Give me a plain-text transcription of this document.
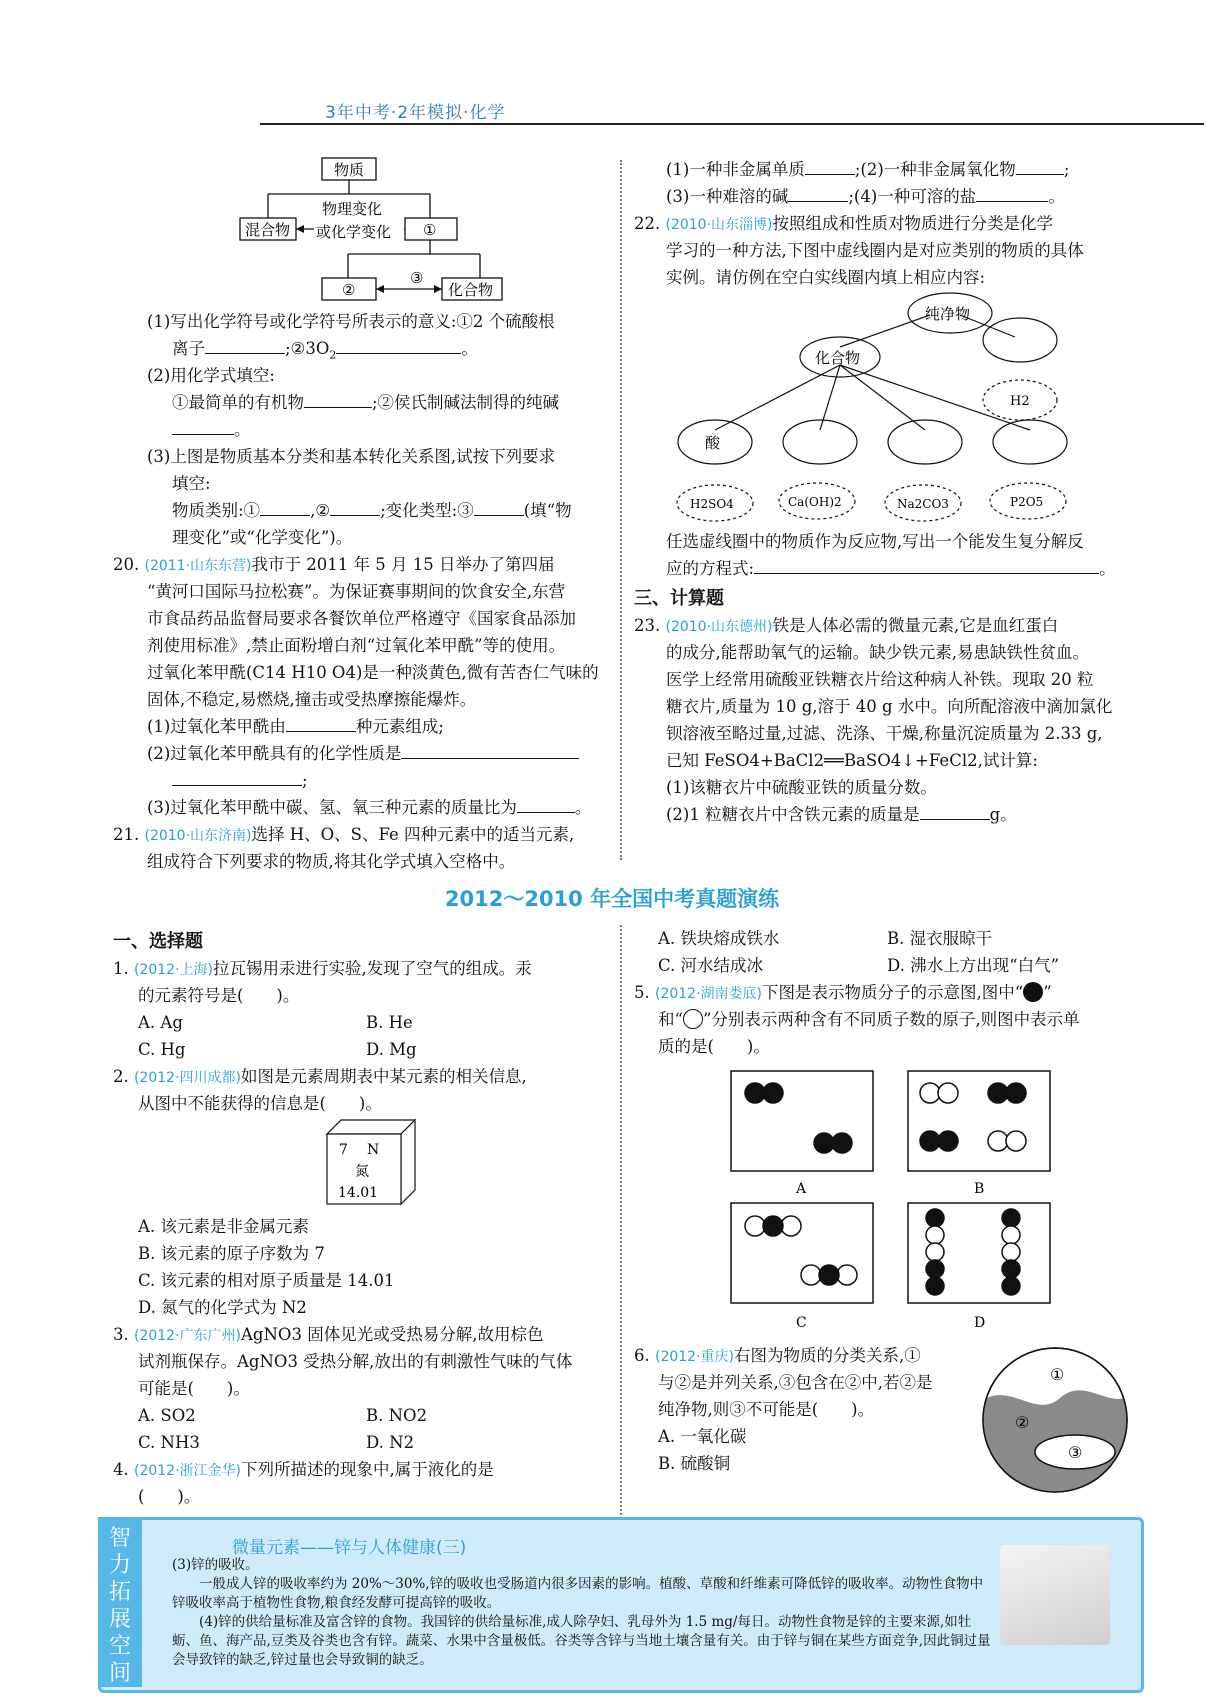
3年中考·2年模拟·化学
物质
混合物
物理变化
或化学变化 ①
②
③
化合物
(1)写出化学符号或化学符号所表示的意义:①2 个硫酸根
离子	$;②3O_2$	。
(2)用化学式填空:
①最简单的有机物	;②侯氏制碱法制得的纯碱
。
(3)上图是物质基本分类和基本转化关系图,试按下列要求
填空:
物质类别:①	,②	;变化类型:③	(填“物
理变化”或“化学变化”)。
20. (2011·山东东营)我市于 2011 年 5 月 15 日举办了第四届
“黄河口国际马拉松赛”。为保证赛事期间的饮食安全,东营
市食品药品监督局要求各餐饮单位严格遵守《国家食品添加
剂使用标准》,禁止面粉增白剂“过氧化苯甲酰”等的使用。
过氧化苯甲酰(C14 H10 O4)是一种淡黄色,微有苦杏仁气味的
固体,不稳定,易燃烧,撞击或受热摩擦能爆炸。
(1)过氧化苯甲酰由	种元素组成;
(2)过氧化苯甲酰具有的化学性质是
;
(3)过氧化苯甲酰中碳、氢、氧三种元素的质量比为	。
21. (2010·山东济南)选择 H、O、S、Fe 四种元素中的适当元素,
组成符合下列要求的物质,将其化学式填入空格中。
(1)一种非金属单质	;(2)一种非金属氧化物	;
(3)一种难溶的碱	;(4)一种可溶的盐	。
22. (2010·山东淄博)按照组成和性质对物质进行分类是化学
学习的一种方法,下图中虚线圈内是对应类别的物质的具体
实例。请仿例在空白实线圈内填上相应内容:
纯净物
化合物
酸
H2
H2SO4	Ca(OH)2	Na2CO3	P2O5
任选虚线圈中的物质作为反应物,写出一个能发生复分解反
应的方程式:	。
三、计算题
23. (2010·山东德州)铁是人体必需的微量元素,它是血红蛋白
的成分,能帮助氧气的运输。缺少铁元素,易患缺铁性贫血。
医学上经常用硫酸亚铁糖衣片给这种病人补铁。现取 20 粒
糖衣片,质量为 10 g,溶于 40 g 水中。向所配溶液中滴加氯化
钡溶液至略过量,过滤、洗涤、干燥,称量沉淀质量为 2.33 g,
已知 FeSO4+BaCl2══BaSO4↓+FeCl2,试计算:
(1)该糖衣片中硫酸亚铁的质量分数。
(2)1 粒糖衣片中含铁元素的质量是	g。
2012～2010 年全国中考真题演练
一、选择题
1. (2012·上海)拉瓦锡用汞进行实验,发现了空气的组成。汞
的元素符号是(　　)。
A. Ag	B. He
C. Hg	D. Mg
2. (2012·四川成都)如图是元素周期表中某元素的相关信息,
从图中不能获得的信息是(　　)。
7 N
氮
14.01
A. 该元素是非金属元素
B. 该元素的原子序数为 7
C. 该元素的相对原子质量是 14.01
D. 氮气的化学式为 N2
3. (2012·广东广州)AgNO3 固体见光或受热易分解,故用棕色
试剂瓶保存。AgNO3 受热分解,放出的有刺激性气味的气体
可能是(　　)。
A. SO2	B. NO2
C. NH3	D. N2
4. (2012·浙江金华)下列所描述的现象中,属于液化的是
(　　)。
A. 铁块熔成铁水	B. 湿衣服晾干
C. 河水结成冰	D. 沸水上方出现“白气”
5. (2012·湖南娄底)下图是表示物质分子的示意图,图中“ ”
和“ ”分别表示两种含有不同质子数的原子,则图中表示单
质的是(　　)。
A	B
C	D
6. (2012·重庆)右图为物质的分类关系,①
与②是并列关系,③包含在②中,若②是
纯净物,则③不可能是(　　)。
A. 一氧化碳
B. 硫酸铜
①
②
③
智
力
拓
展
空
间
微量元素——锌与人体健康(三)
(3)锌的吸收。
　　一般成人锌的吸收率约为 20%～30%,锌的吸收也受肠道内很多因素的影响。植酸、草酸和纤维素可降低锌的吸收率。动物性食物中锌吸收率高于植物性食物,粮食经发酵可提高锌的吸收。
　　(4)锌的供给量标准及富含锌的食物。我国锌的供给量标准,成人除孕妇、乳母外为 1.5 mg/每日。动物性食物是锌的主要来源,如牡蛎、鱼、海产品,豆类及谷类也含有锌。蔬菜、水果中含量极低。谷类等含锌与当地土壤含量有关。由于锌与铜在某些方面竞争,因此铜过量会导致锌的缺乏,锌过量也会导致铜的缺乏。
